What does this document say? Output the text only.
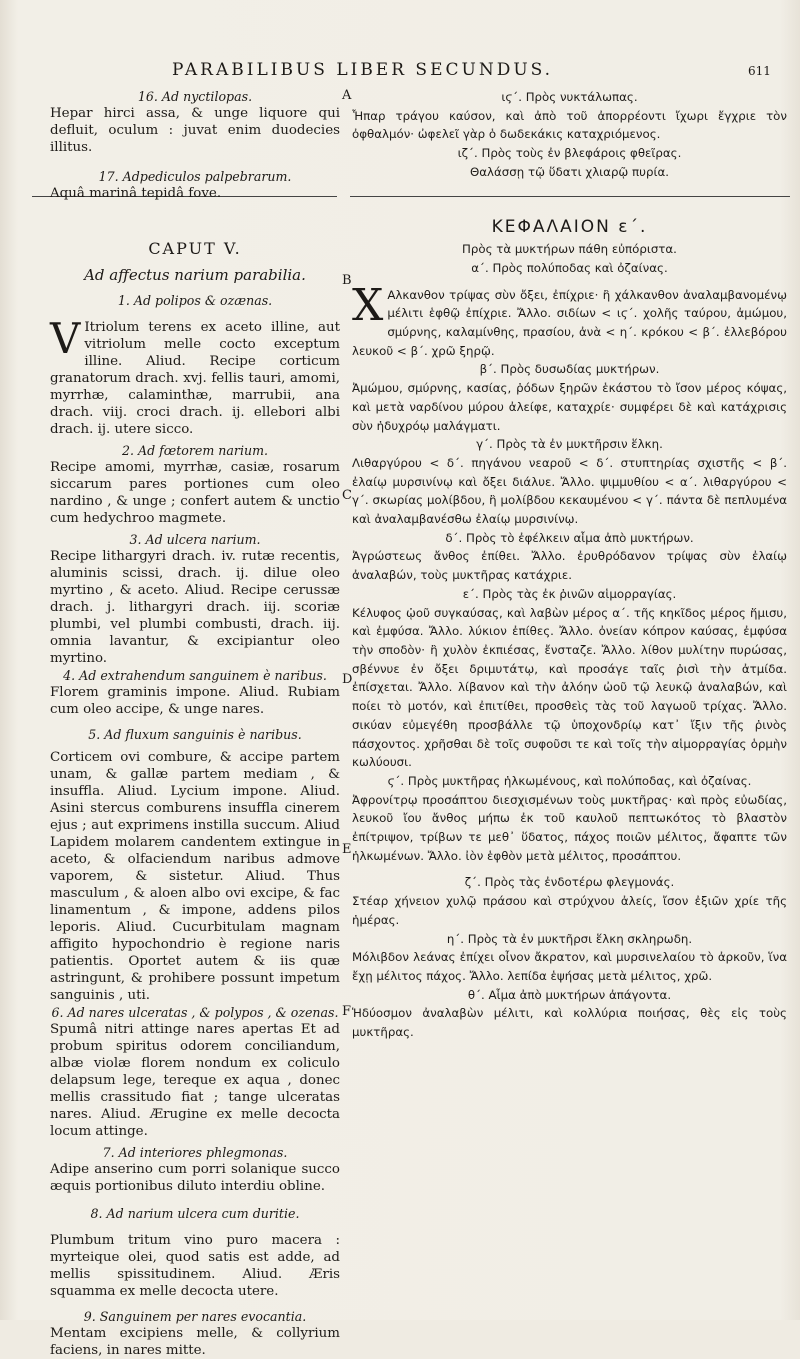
PARABILIBUS LIBER SECUNDUS.	611
A
B
C
D
E
F

16. Ad nyctilopas.

Hepar hirci assa, & unge liquore qui defluit, oculum : juvat enim duodecies illitus.

17. Adpediculos palpebrarum.

Aquâ marinâ tepidâ fove.

CAPUT V.

Ad affectus narium parabilia.

1. Ad polipos & ozænas.

V Itriolum terens ex aceto illine, aut vitriolum melle cocto exceptum illine. Aliud. Recipe corticum granatorum drach. xvj. fellis tauri, amomi, myrrhæ, calaminthæ, marrubii, ana drach. viij. croci drach. ij. ellebori albi drach. ij. utere sicco.

2. Ad fœtorem narium.

Recipe amomi, myrrhæ, casiæ, rosarum siccarum pares portiones cum oleo nardino , & unge ; confert autem & unctio cum hedychroo magmete.

3. Ad ulcera narium.

Recipe lithargyri drach. iv. rutæ recentis, aluminis scissi, drach. ij. dilue oleo myrtino , & aceto. Aliud. Recipe cerussæ drach. j. lithargyri drach. iij. scoriæ plumbi, vel plumbi combusti, drach. iij. omnia lavantur, & excipiantur oleo myrtino.

4. Ad extrahendum sanguinem è naribus.

Florem graminis impone. Aliud. Rubiam cum oleo accipe, & unge nares.

5. Ad fluxum sanguinis è naribus.

Corticem ovi combure, & accipe partem unam, & gallæ partem mediam , & insuffla. Aliud. Lycium impone. Aliud. Asini stercus comburens insuffla cinerem ejus ; aut exprimens instilla succum. Aliud Lapidem molarem candentem extingue in aceto, & olfaciendum naribus admove vaporem, & sistetur. Aliud. Thus masculum , & aloen albo ovi excipe, & fac linamentum , & impone, addens pilos leporis. Aliud. Cucurbitulam magnam affigito hypochondrio è regione naris patientis. Oportet autem & iis quæ astringunt, & prohibere possunt impetum sanguinis , uti.

6. Ad nares ulceratas , & polypos , & ozenas.

Spumâ nitri attinge nares apertas Et ad probum spiritus odorem conciliandum, albæ violæ florem nondum ex coliculo delapsum lege, tereque ex aqua , donec mellis crassitudo fiat ; tange ulceratas nares. Aliud. Ærugine ex melle decocta locum attinge.

7. Ad interiores phlegmonas.

Adipe anserino cum porri solanique succo æquis portionibus diluto interdiu obline.

8. Ad narium ulcera cum duritie.

Plumbum tritum vino puro macera : myrteique olei, quod satis est adde, ad mellis spissitudinem. Aliud. Æris squamma ex melle decocta utere.

9. Sanguinem per nares evocantia.

Mentam excipiens melle, & collyrium faciens, in nares mitte.

ιϛ΄. Πρὸς νυκτάλωπας.

Ἧπαρ τράγου καύσον, καὶ ἀπὸ τοῦ ἀπορρέοντι ἴχωρι ἔγχριε τὸν ὀφθαλμόν· ὠφελεῖ γὰρ ὁ δωδεκάκις καταχριόμενος.

ιζ΄. Πρὸς τοὺς ἐν βλεφάροις φθεῖρας.

Θαλάσσῃ τῷ ὕδατι χλιαρῷ πυρία.

ΚΕΦΑΛΑΙΟΝ ε΄.

Πρὸς τὰ μυκτήρων πάθη εὐπόριστα.

α΄. Πρὸς πολύποδας καὶ ὀζαίνας.

Χ Αλκανθον τρίψας σὺν ὄξει, ἐπίχριε· ἢ χάλκανθον ἀναλαμβανομένῳ μέλιτι ἑφθῷ ἐπίχριε. Ἄλλο. σιδίων < ιϛ΄. χολῆς ταύρου, ἀμώμου, σμύρνης, καλαμίνθης, πρασίου, ἀνὰ < η΄. κρόκου < β΄. ἐλλεβόρου λευκοῦ < β΄. χρῶ ξηρῷ.

β΄. Πρὸς δυσωδίας μυκτήρων.

Ἀμώμου, σμύρνης, κασίας, ῥόδων ξηρῶν ἑκάστου τὸ ἴσον μέρος κόψας, καὶ μετὰ ναρδίνου μύρου ἀλείφε, καταχρίε· συμφέρει δὲ καὶ κατάχρισις σὺν ἡδυχρόῳ μαλάγματι.

γ΄. Πρὸς τὰ ἐν μυκτῆρσιν ἕλκη.

Λιθαργύρου < δ΄. πηγάνου νεαροῦ < δ΄. στυπτηρίας σχιστῆς < β΄. ἐλαίῳ μυρσινίνῳ καὶ ὄξει διάλυε. Ἄλλο. ψιμμυθίου < α΄. λιθαργύρου < γ΄. σκωρίας μολίβδου, ἢ μολίβδου κεκαυμένου < γ΄. πάντα δὲ πεπλυμένα καὶ ἀναλαμβανέσθω ἐλαίῳ μυρσινίνῳ.

δ΄. Πρὸς τὸ ἐφέλκειν αἷμα ἀπὸ μυκτήρων.

Ἀγρώστεως ἄνθος ἐπίθει. Ἄλλο. ἐρυθρόδανον τρίψας σὺν ἐλαίῳ ἀναλαβών, τοὺς μυκτῆρας κατάχριε.

ε΄. Πρὸς τὰς ἐκ ῥινῶν αἱμορραγίας.

Κέλυφος ᾠοῦ συγκαύσας, καὶ λαβὼν μέρος α΄. τῆς κηκῖδος μέρος ἥμισυ, καὶ ἐμφύσα. Ἄλλο. λύκιον ἐπίθες. Ἄλλο. ὀνείαν κόπρον καύσας, ἐμφύσα τὴν σποδὸν· ἢ χυλὸν ἐκπιέσας, ἔνσταζε. Ἄλλο. λίθον μυλίτην πυρώσας, σβέννυε ἐν ὄξει δριμυτάτῳ, καὶ προσάγε ταῖς ῥισὶ τὴν ἀτμίδα. ἐπίσχεται. Ἄλλο. λίβανον καὶ τὴν ἀλόην ὠοῦ τῷ λευκῷ ἀναλαβών, καὶ ποίει τὸ μοτόν, καὶ ἐπιτίθει, προσθεὶς τὰς τοῦ λαγωοῦ τρίχας. Ἄλλο. σικύαν εὐμεγέθη προσβάλλε τῷ ὑποχονδρίῳ κατ᾽ ἴξιν τῆς ῥινὸς πάσχοντος. χρῆσθαι δὲ τοῖς συφοῦσι τε καὶ τοῖς τὴν αἱμορραγίας ὁρμὴν κωλύουσι.

ϛ΄. Πρὸς μυκτῆρας ἡλκωμένους, καὶ πολύποδας, καὶ ὀζαίνας.

Ἀφρονίτρῳ προσάπτου διεσχισμένων τοὺς μυκτῆρας· καὶ πρὸς εὐωδίας, λευκοῦ ἴου ἄνθος μήπω ἐκ τοῦ καυλοῦ πεπτωκότος τὸ βλαστὸν ἐπίτριψον, τρίβων τε μεθ᾽ ὕδατος, πάχος ποιῶν μέλιτος, ἄφαπτε τῶν ἡλκωμένων. Ἄλλο. ἰὸν ἑφθὸν μετὰ μέλιτος, προσάπτου.

ζ΄. Πρὸς τὰς ἐνδοτέρω φλεγμονάς.

Στέαρ χήνειον χυλῷ πράσου καὶ στρύχνου ἀλείς, ἴσον ἐξιῶν χρίε τῆς ἡμέρας.

η΄. Πρὸς τὰ ἐν μυκτῆρσι ἕλκη σκληρωδη.

Μόλιβδον λεάνας ἐπίχει οἶνον ἄκρατον, καὶ μυρσινελαίου τὸ ἀρκοῦν, ἵνα ἔχῃ μέλιτος πάχος. Ἄλλο. λεπίδα ἑψήσας μετὰ μέλιτος, χρῶ.

θ΄. Αἷμα ἀπὸ μυκτήρων ἀπάγοντα.

Ἡδύοσμον ἀναλαβὼν μέλιτι, καὶ κολλύρια ποιήσας, θὲς εἰς τοὺς μυκτῆρας.
